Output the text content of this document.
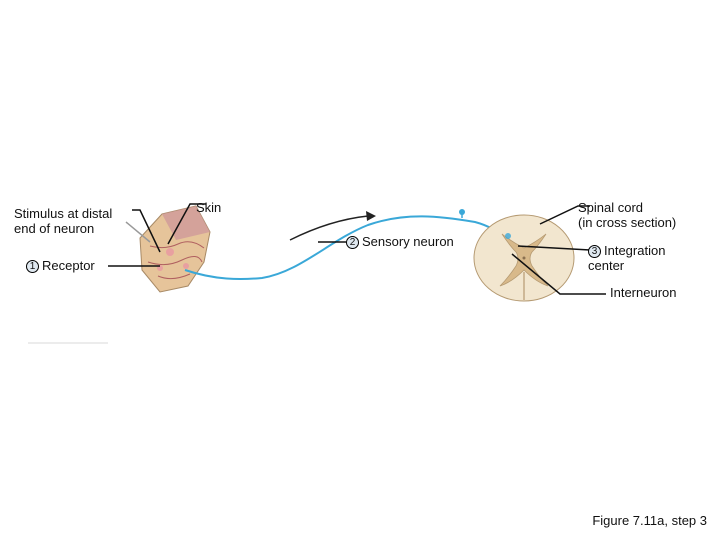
Stimulus at distal
end of neuron
Skin
1 Receptor
2 Sensory neuron
Spinal cord
(in cross section)
3 Integration
center
Interneuron
Figure 7.11a, step 3
